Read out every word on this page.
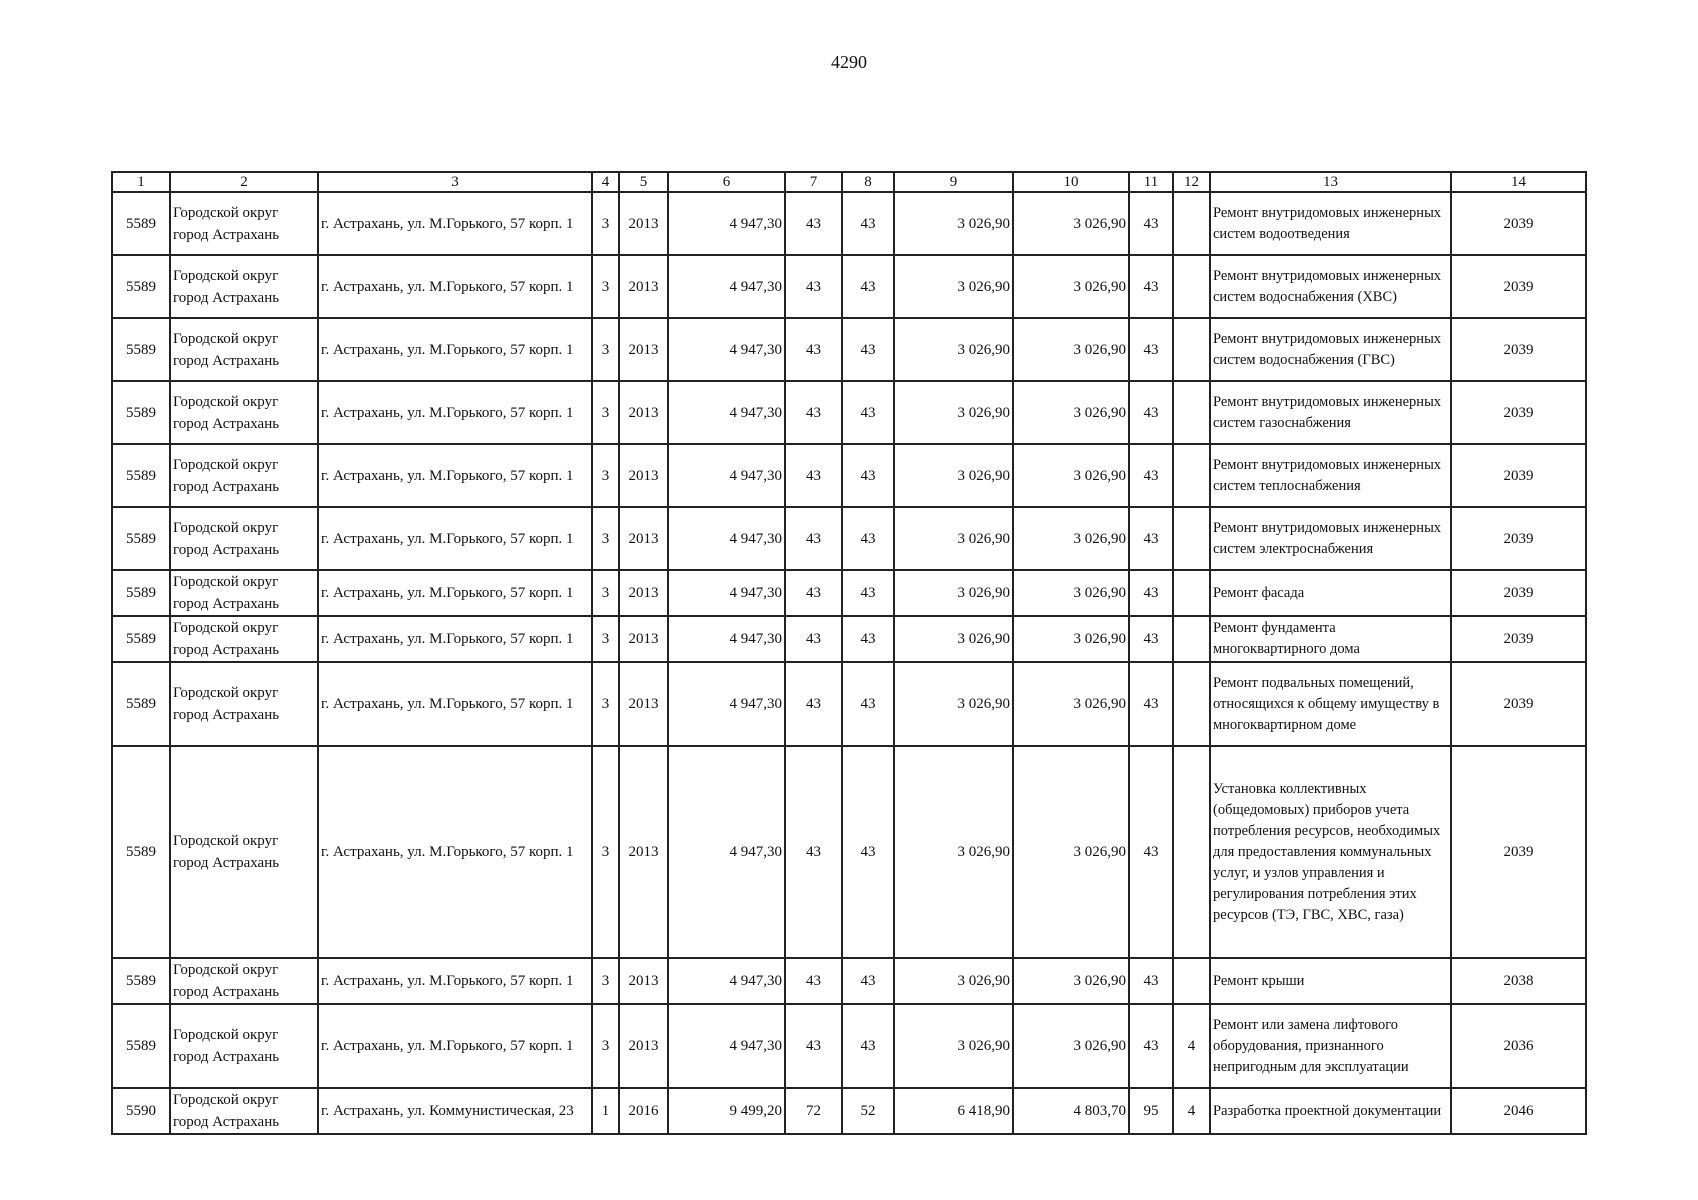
4290
1	2	3	4	5	6	7	8	9	10	11	12	13	14
5589	Городской округ город Астрахань	г. Астрахань, ул. М.Горького, 57 корп. 1	3	2013	4 947,30	43	43	3 026,90	3 026,90	43		Ремонт внутридомовых инженерных систем водоотведения	2039
5589	Городской округ город Астрахань	г. Астрахань, ул. М.Горького, 57 корп. 1	3	2013	4 947,30	43	43	3 026,90	3 026,90	43		Ремонт внутридомовых инженерных систем водоснабжения (ХВС)	2039
5589	Городской округ город Астрахань	г. Астрахань, ул. М.Горького, 57 корп. 1	3	2013	4 947,30	43	43	3 026,90	3 026,90	43		Ремонт внутридомовых инженерных систем водоснабжения (ГВС)	2039
5589	Городской округ город Астрахань	г. Астрахань, ул. М.Горького, 57 корп. 1	3	2013	4 947,30	43	43	3 026,90	3 026,90	43		Ремонт внутридомовых инженерных систем газоснабжения	2039
5589	Городской округ город Астрахань	г. Астрахань, ул. М.Горького, 57 корп. 1	3	2013	4 947,30	43	43	3 026,90	3 026,90	43		Ремонт внутридомовых инженерных систем теплоснабжения	2039
5589	Городской округ город Астрахань	г. Астрахань, ул. М.Горького, 57 корп. 1	3	2013	4 947,30	43	43	3 026,90	3 026,90	43		Ремонт внутридомовых инженерных систем электроснабжения	2039
5589	Городской округ город Астрахань	г. Астрахань, ул. М.Горького, 57 корп. 1	3	2013	4 947,30	43	43	3 026,90	3 026,90	43		Ремонт фасада	2039
5589	Городской округ город Астрахань	г. Астрахань, ул. М.Горького, 57 корп. 1	3	2013	4 947,30	43	43	3 026,90	3 026,90	43		Ремонт фундамента многоквартирного дома	2039
5589	Городской округ город Астрахань	г. Астрахань, ул. М.Горького, 57 корп. 1	3	2013	4 947,30	43	43	3 026,90	3 026,90	43		Ремонт подвальных помещений, относящихся к общему имуществу в многоквартирном доме	2039
5589	Городской округ город Астрахань	г. Астрахань, ул. М.Горького, 57 корп. 1	3	2013	4 947,30	43	43	3 026,90	3 026,90	43		Установка коллективных (общедомовых) приборов учета потребления ресурсов, необходимых для предоставления коммунальных услуг, и узлов управления и регулирования потребления этих ресурсов (ТЭ, ГВС, ХВС, газа)	2039
5589	Городской округ город Астрахань	г. Астрахань, ул. М.Горького, 57 корп. 1	3	2013	4 947,30	43	43	3 026,90	3 026,90	43		Ремонт крыши	2038
5589	Городской округ город Астрахань	г. Астрахань, ул. М.Горького, 57 корп. 1	3	2013	4 947,30	43	43	3 026,90	3 026,90	43	4	Ремонт или замена лифтового оборудования, признанного непригодным для эксплуатации	2036
5590	Городской округ город Астрахань	г. Астрахань, ул. Коммунистическая, 23	1	2016	9 499,20	72	52	6 418,90	4 803,70	95	4	Разработка проектной документации	2046
